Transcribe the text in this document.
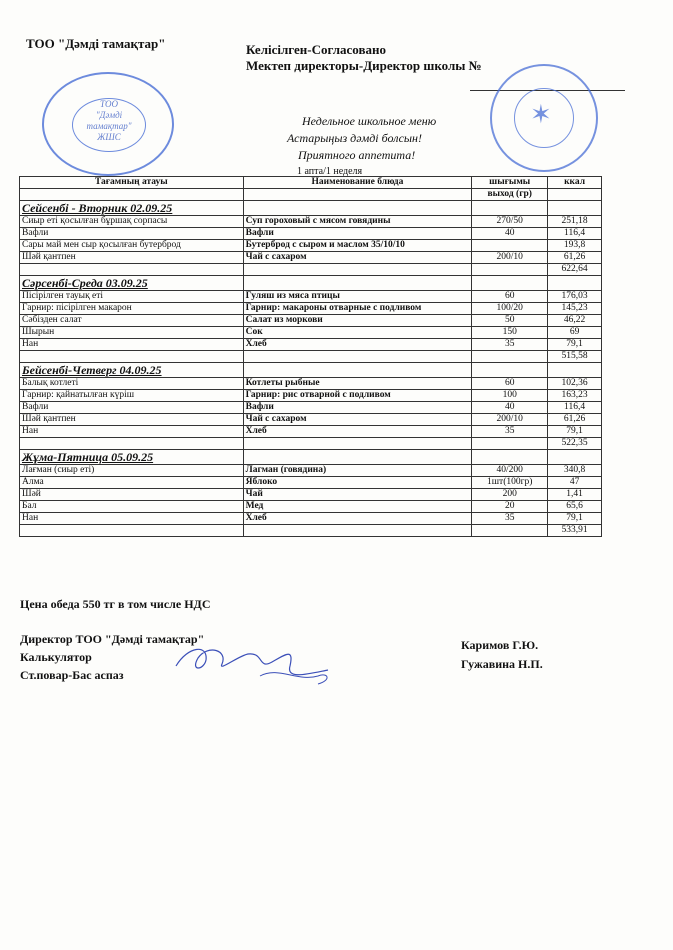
ТОО "Дәмді тамақтар"	Келісілген-Согласовано
Мектеп директоры-Директор школы №
ТОО
"Дәмді
тамақтар"
ЖШС
✶
Недельное школьное меню
Астарыңыз дәмді болсын!
Приятного аппетита!
1 апта/1 неделя
Тағамның атауы	Наименование блюда	шығымы	ккал
		выход (гр)	
Сейсенбі - Вторник 02.09.25			
Сиыр еті қосылған бұршақ сорпасы	Суп гороховый с мясом говядины	270/50	251,18
Вафли	Вафли	40	116,4
Сары май мен сыр қосылған бутерброд	Бутерброд с сыром и маслом 35/10/10		193,8
Шәй қантпен	Чай с сахаром	200/10	61,26
			622,64
Сәрсенбі-Среда 03.09.25			
Пісірілген тауық еті	Гуляш из мяса птицы	60	176,03
Гарнир: пісірілген макарон	Гарнир: макароны отварные с подливом	100/20	145,23
Сәбізден салат	Салат из моркови	50	46,22
Шырын	Сок	150	69
Нан	Хлеб	35	79,1
			515,58
Бейсенбі-Четверг 04.09.25			
Балық котлеті	Котлеты рыбные	60	102,36
Гарнир: қайнатылған күріш	Гарнир: рис отварной с подливом	100	163,23
Вафли	Вафли	40	116,4
Шәй қантпен	Чай с сахаром	200/10	61,26
Нан	Хлеб	35	79,1
			522,35
Жұма-Пятница 05.09.25			
Лағман (сиыр еті)	Лагман (говядина)	40/200	340,8
Алма	Яблоко	1шт(100гр)	47
Шәй	Чай	200	1,41
Бал	Мед	20	65,6
Нан	Хлеб	35	79,1
			533,91
Цена обеда 550 тг в том числе НДС
Директор ТОО "Дәмді тамақтар"
Калькулятор
Ст.повар-Бас аспаз
Каримов Г.Ю.
Гужавина Н.П.
